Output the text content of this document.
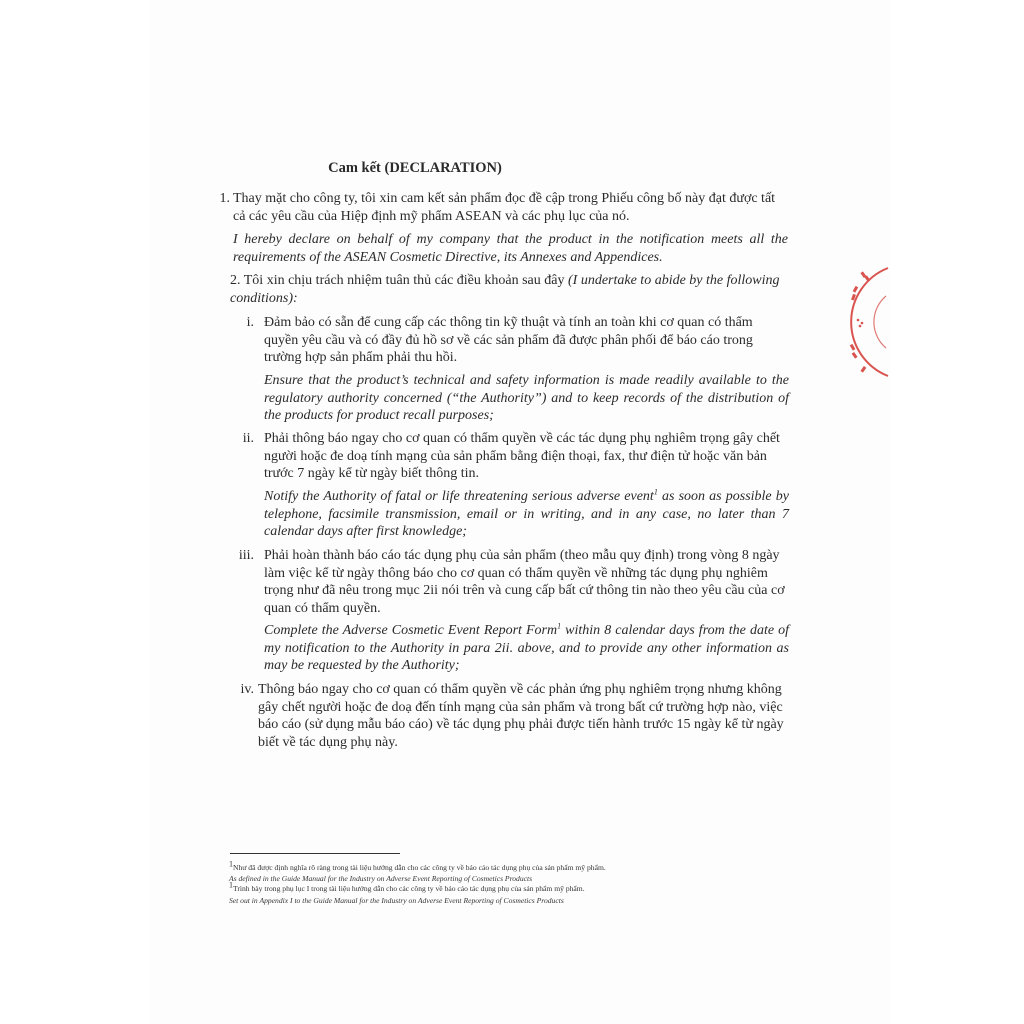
Cam kết (DECLARATION)
1. Thay mặt cho công ty, tôi xin cam kết sản phẩm đọc đề cập trong Phiếu công bố này đạt được tất cả các yêu cầu của Hiệp định mỹ phẩm ASEAN và các phụ lục của nó.
I hereby declare on behalf of my company that the product in the notification meets all the requirements of the ASEAN Cosmetic Directive, its Annexes and Appendices.
2. Tôi xin chịu trách nhiệm tuân thủ các điều khoản sau đây (I undertake to abide by the following conditions):
i. Đảm bảo có sẵn để cung cấp các thông tin kỹ thuật và tính an toàn khi cơ quan có thẩm quyền yêu cầu và có đầy đủ hồ sơ về các sản phẩm đã được phân phối để báo cáo trong trường hợp sản phẩm phải thu hồi.
Ensure that the product’s technical and safety information is made readily available to the regulatory authority concerned (“the Authority”) and to keep records of the distribution of the products for product recall purposes;
ii. Phải thông báo ngay cho cơ quan có thẩm quyền về các tác dụng phụ nghiêm trọng gây chết người hoặc đe doạ tính mạng của sản phẩm bằng điện thoại, fax, thư điện tử hoặc văn bản trước 7 ngày kể từ ngày biết thông tin.
Notify the Authority of fatal or life threatening serious adverse event$^1$ as soon as possible by telephone, facsimile transmission, email or in writing, and in any case, no later than 7 calendar days after first knowledge;
iii. Phải hoàn thành báo cáo tác dụng phụ của sản phẩm (theo mẫu quy định) trong vòng 8 ngày làm việc kể từ ngày thông báo cho cơ quan có thẩm quyền về những tác dụng phụ nghiêm trọng như đã nêu trong mục 2ii nói trên và cung cấp bất cứ thông tin nào theo yêu cầu của cơ quan có thẩm quyền.
Complete the Adverse Cosmetic Event Report Form$^1$ within 8 calendar days from the date of my notification to the Authority in para 2ii. above, and to provide any other information as may be requested by the Authority;
iv. Thông báo ngay cho cơ quan có thẩm quyền về các phản ứng phụ nghiêm trọng nhưng không gây chết người hoặc đe doạ đến tính mạng của sản phẩm và trong bất cứ trường hợp nào, việc báo cáo (sử dụng mẫu báo cáo) về tác dụng phụ phải được tiến hành trước 15 ngày kể từ ngày biết về tác dụng phụ này.
$^1$Như đã được định nghĩa rõ ràng trong tài liệu hướng dẫn cho các công ty về báo cáo tác dụng phụ của sản phẩm mỹ phẩm.
As defined in the Guide Manual for the Industry on Adverse Event Reporting of Cosmetics Products
$^1$Trình bày trong phụ lục I trong tài liệu hướng dẫn cho các công ty về báo cáo tác dụng phụ của sản phẩm mỹ phẩm.
Set out in Appendix I to the Guide Manual for the Industry on Adverse Event Reporting of Cosmetics Products
